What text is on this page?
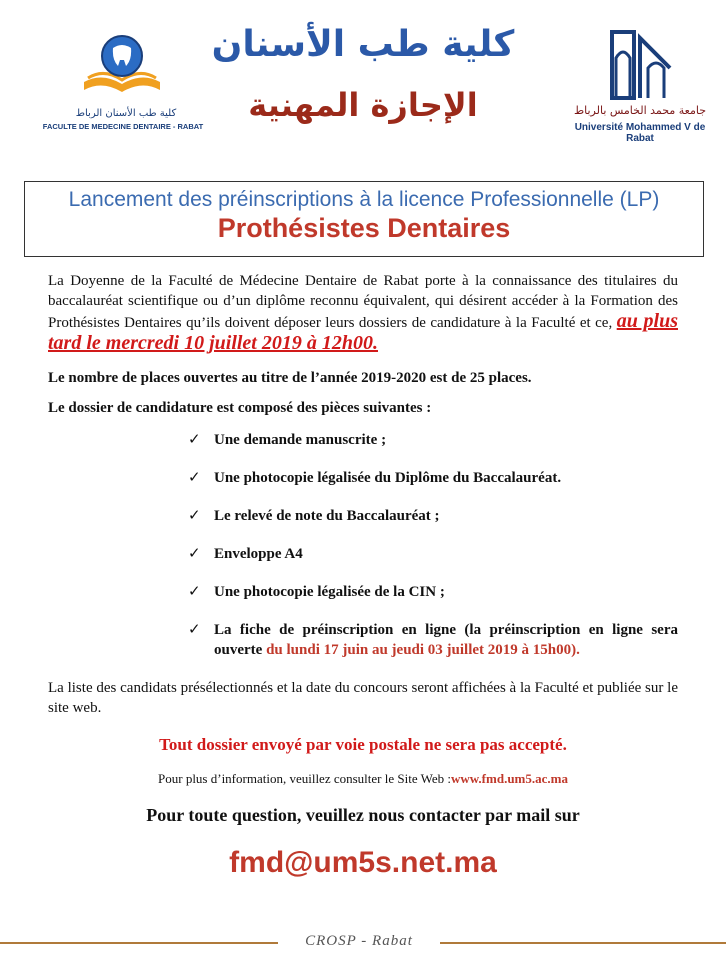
كلية طب الأسنان الرباط
FACULTE DE MEDECINE DENTAIRE - RABAT
كلية طب الأسنان
الإجازة المهنية	جامعة محمد الخامس بالرباط
Université Mohammed V de Rabat
Lancement des préinscriptions à la licence Professionnelle (LP)
Prothésistes Dentaires

La Doyenne de la Faculté de Médecine Dentaire de Rabat porte à la connaissance des titulaires du baccalauréat scientifique ou d’un diplôme reconnu équivalent, qui désirent accéder à la Formation des Prothésistes Dentaires qu’ils doivent déposer leurs dossiers de candidature à la Faculté et ce, au plus tard le mercredi 10 juillet 2019 à 12h00.

Le nombre de places ouvertes au titre de l’année 2019-2020 est de 25 places.

Le dossier de candidature est composé des pièces suivantes :

✓ Une demande manuscrite ;
✓ Une photocopie légalisée du Diplôme du Baccalauréat.
✓ Le relevé de note du Baccalauréat ;
✓ Enveloppe A4
✓ Une photocopie légalisée de la CIN ;
✓ La fiche de préinscription en ligne (la préinscription en ligne sera ouverte du lundi 17 juin au jeudi 03 juillet 2019 à 15h00).

La liste des candidats présélectionnés et la date du concours seront affichées à la Faculté et publiée sur le site web.

Tout dossier envoyé par voie postale ne sera pas accepté.
Pour plus d’information, veuillez consulter le Site Web :www.fmd.um5.ac.ma
Pour toute question, veuillez nous contacter par mail sur
fmd@um5s.net.ma
CROSP - Rabat
